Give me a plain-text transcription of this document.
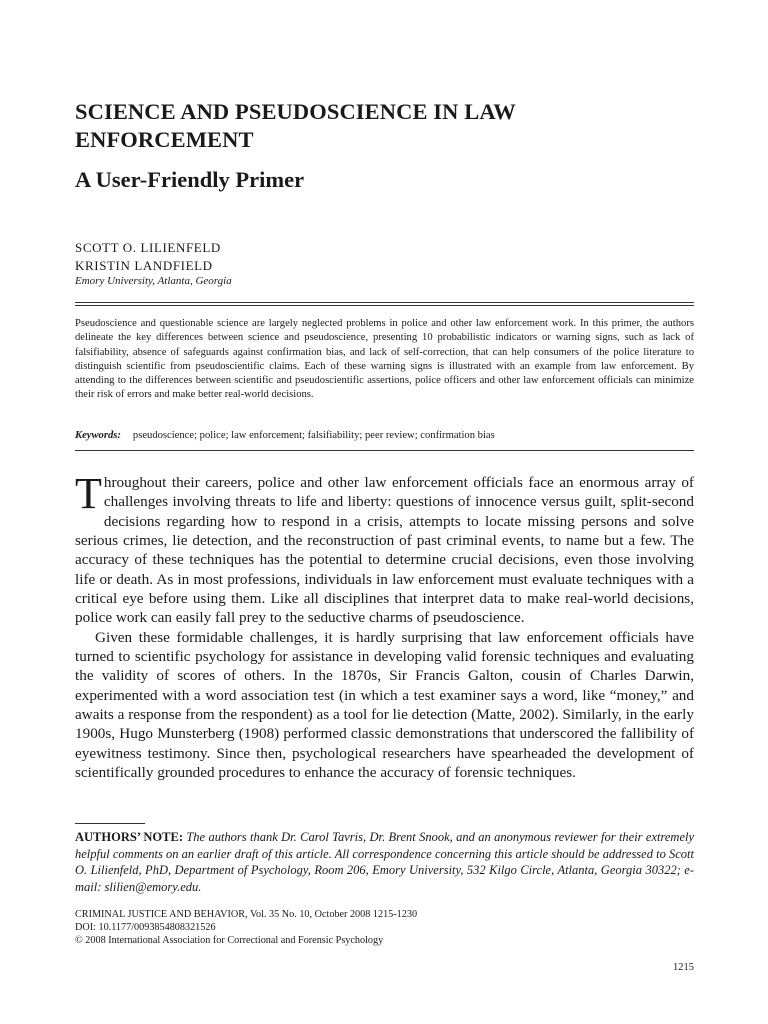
SCIENCE AND PSEUDOSCIENCE IN LAW ENFORCEMENT
A User-Friendly Primer
SCOTT O. LILIENFELD
KRISTIN LANDFIELD
Emory University, Atlanta, Georgia
Pseudoscience and questionable science are largely neglected problems in police and other law enforcement work. In this primer, the authors delineate the key differences between science and pseudoscience, presenting 10 probabilistic indicators or warning signs, such as lack of falsifiability, absence of safeguards against confirmation bias, and lack of self-correction, that can help consumers of the police literature to distinguish scientific from pseudoscientific claims. Each of these warning signs is illustrated with an example from law enforcement. By attending to the differences between scientific and pseudoscientific assertions, police officers and other law enforcement officials can minimize their risk of errors and make better real-world decisions.
Keywords: pseudoscience; police; law enforcement; falsifiability; peer review; confirmation bias

Throughout their careers, police and other law enforcement officials face an enormous array of challenges involving threats to life and liberty: questions of innocence versus guilt, split-second decisions regarding how to respond in a crisis, attempts to locate missing persons and solve serious crimes, lie detection, and the reconstruction of past criminal events, to name but a few. The accuracy of these techniques has the potential to determine crucial decisions, even those involving life or death. As in most professions, individuals in law enforcement must evaluate techniques with a critical eye before using them. Like all disciplines that interpret data to make real-world decisions, police work can easily fall prey to the seductive charms of pseudoscience.

Given these formidable challenges, it is hardly surprising that law enforcement officials have turned to scientific psychology for assistance in developing valid forensic techniques and evaluating the validity of scores of others. In the 1870s, Sir Francis Galton, cousin of Charles Darwin, experimented with a word association test (in which a test examiner says a word, like “money,” and awaits a response from the respondent) as a tool for lie detection (Matte, 2002). Similarly, in the early 1900s, Hugo Munsterberg (1908) performed classic demonstrations that underscored the fallibility of eyewitness testimony. Since then, psychological researchers have spearheaded the development of scientifically grounded procedures to enhance the accuracy of forensic techniques.

AUTHORS’ NOTE: The authors thank Dr. Carol Tavris, Dr. Brent Snook, and an anonymous reviewer for their extremely helpful comments on an earlier draft of this article. All correspondence concerning this article should be addressed to Scott O. Lilienfeld, PhD, Department of Psychology, Room 206, Emory University, 532 Kilgo Circle, Atlanta, Georgia 30322; e-mail: slilien@emory.edu.
CRIMINAL JUSTICE AND BEHAVIOR, Vol. 35 No. 10, October 2008 1215-1230
DOI: 10.1177/0093854808321526
© 2008 International Association for Correctional and Forensic Psychology
1215
